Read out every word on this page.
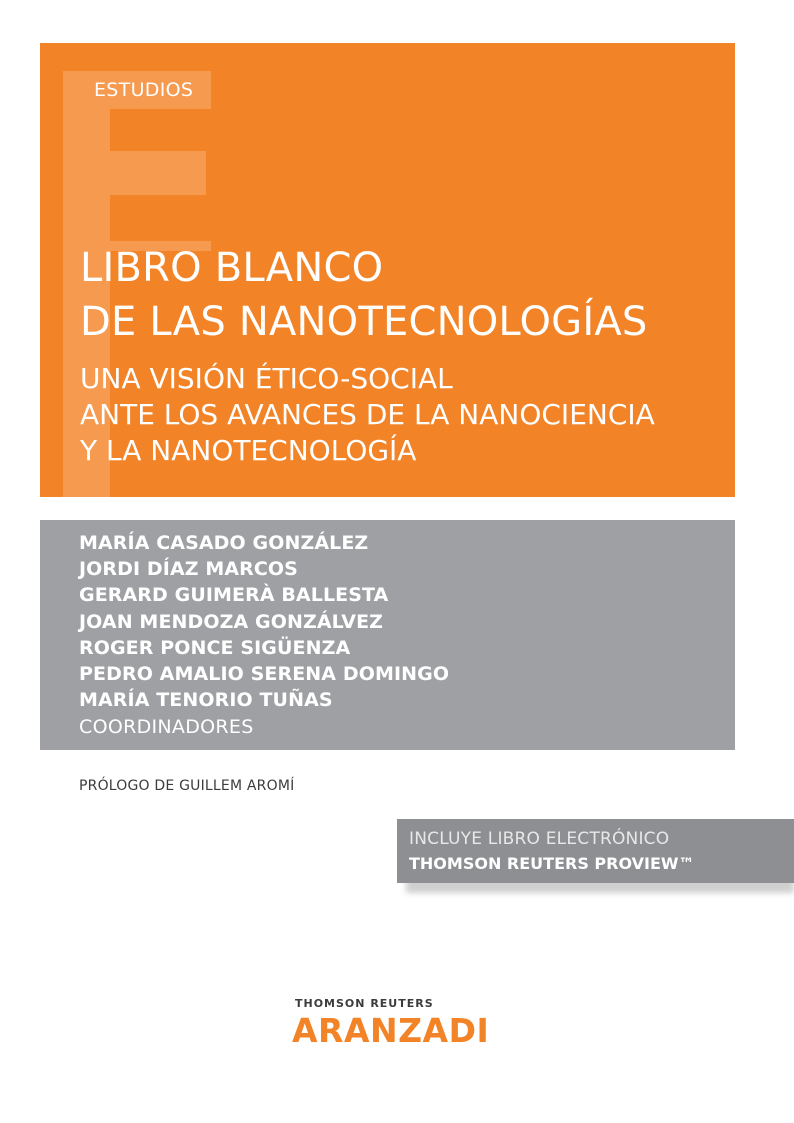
ESTUDIOS
LIBRO BLANCO
DE LAS NANOTECNOLOGÍAS
UNA VISIÓN ÉTICO-SOCIAL
ANTE LOS AVANCES DE LA NANOCIENCIA
Y LA NANOTECNOLOGÍA
MARÍA CASADO GONZÁLEZ
JORDI DÍAZ MARCOS
GERARD GUIMERÀ BALLESTA
JOAN MENDOZA GONZÁLVEZ
ROGER PONCE SIGÜENZA
PEDRO AMALIO SERENA DOMINGO
MARÍA TENORIO TUÑAS
COORDINADORES
PRÓLOGO DE GUILLEM AROMÍ
INCLUYE LIBRO ELECTRÓNICO
THOMSON REUTERS PROVIEW™
THOMSON REUTERS
ARANZADI
